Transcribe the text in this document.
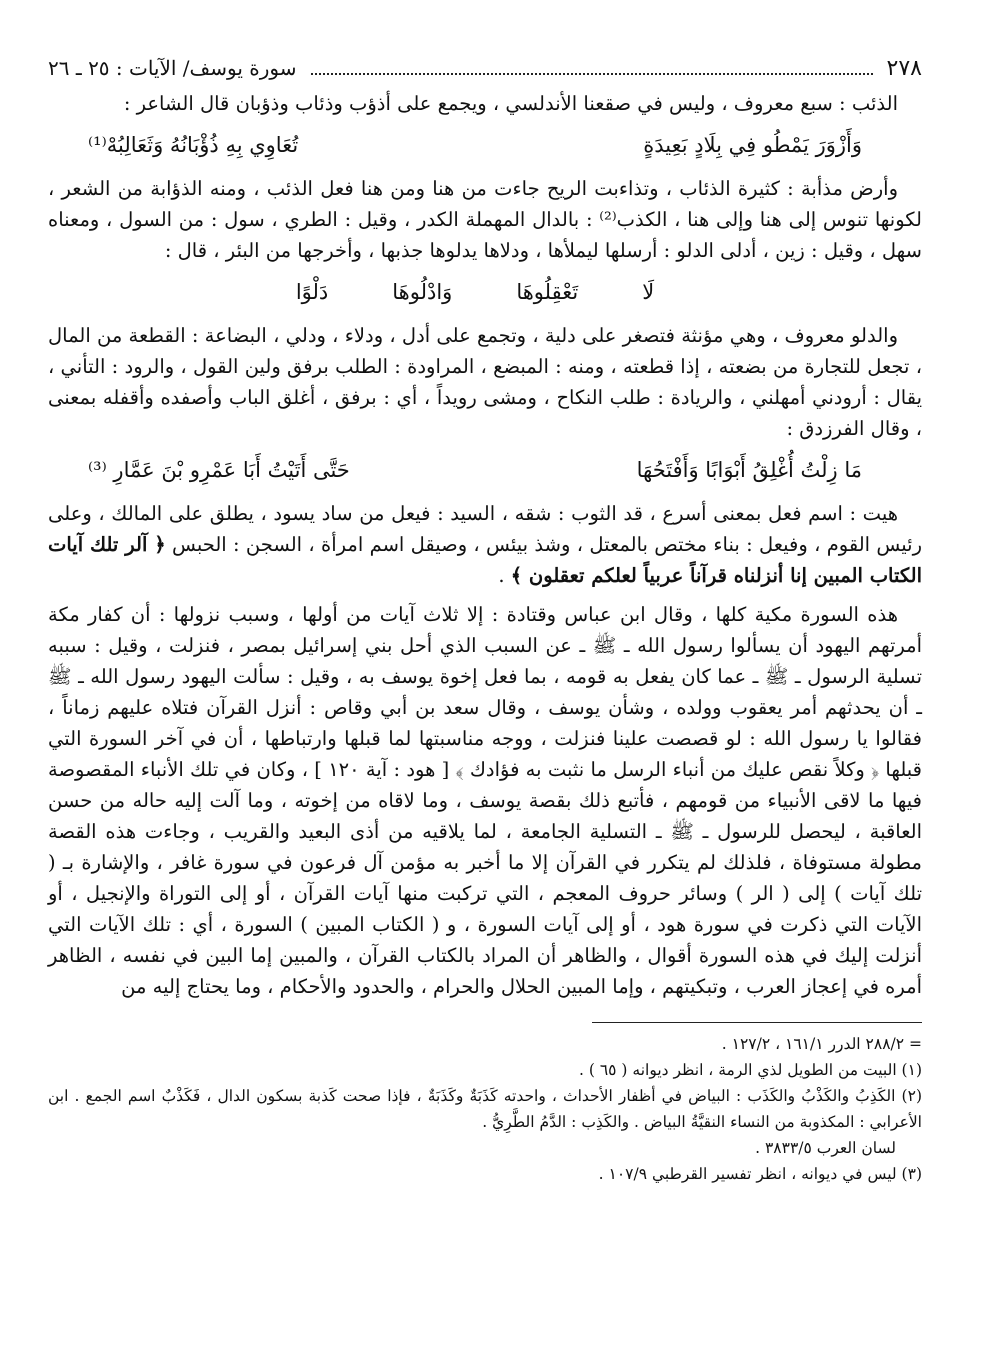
٢٧٨
سورة يوسف/ الآيات : ٢٥ ـ ٢٦

الذئب : سبع معروف ، وليس في صقعنا الأندلسي ، ويجمع على أذؤب وذئاب وذؤبان قال الشاعر :

وَأَزْوَرَ يَمْطُو فِي بِلَادٍ بَعِيدَةٍ
تُعَاوِي بِهِ ذُؤْبَانُهُ وَثَعَالِبُهْ⁽¹⁾

وأرض مذأبة : كثيرة الذئاب ، وتذاءبت الريح جاءت من هنا ومن هنا فعل الذئب ، ومنه الذؤابة من الشعر ، لكونها تنوس إلى هنا وإلى هنا ، الكذب⁽²⁾ : بالدال المهملة الكدر ، وقيل : الطري ، سول : من السول ، ومعناه سهل ، وقيل : زين ، أدلى الدلو : أرسلها ليملأها ، ودلاها يدلوها جذبها ، وأخرجها من البئر ، قال :

لَا
تَعْقِلُوهَا
وَادْلُوهَا
دَلْوًا

والدلو معروف ، وهي مؤنثة فتصغر على دلية ، وتجمع على أدل ، ودلاء ، ودلي ، البضاعة : القطعة من المال ، تجعل للتجارة من بضعته ، إذا قطعته ، ومنه : المبضع ، المراودة : الطلب برفق ولين القول ، والرود : التأني ، يقال : أرودني أمهلني ، والريادة : طلب النكاح ، ومشى رويداً ، أي : برفق ، أغلق الباب وأصفده وأقفله بمعنى ، وقال الفرزدق :

مَا زِلْتُ أُغْلِقُ أَبْوَابًا وَأَفْتَحُهَا
حَتَّى أَتَيْتُ أَبَا عَمْرِو بْنَ عَمَّارِ ⁽³⁾

هيت : اسم فعل بمعنى أسرع ، قد الثوب : شقه ، السيد : فيعل من ساد يسود ، يطلق على المالك ، وعلى رئيس القوم ، وفيعل : بناء مختص بالمعتل ، وشذ بيئس ، وصيقل اسم امرأة ، السجن : الحبس ﴿ آلر تلك آيات الكتاب المبين إنا أنزلناه قرآناً عربياً لعلكم تعقلون ﴾ .

هذه السورة مكية كلها ، وقال ابن عباس وقتادة : إلا ثلاث آيات من أولها ، وسبب نزولها : أن كفار مكة أمرتهم اليهود أن يسألوا رسول الله ـ ﷺ ـ عن السبب الذي أحل بني إسرائيل بمصر ، فنزلت ، وقيل : سببه تسلية الرسول ـ ﷺ ـ عما كان يفعل به قومه ، بما فعل إخوة يوسف به ، وقيل : سألت اليهود رسول الله ـ ﷺ ـ أن يحدثهم أمر يعقوب وولده ، وشأن يوسف ، وقال سعد بن أبي وقاص : أنزل القرآن فتلاه عليهم زماناً ، فقالوا يا رسول الله : لو قصصت علينا فنزلت ، ووجه مناسبتها لما قبلها وارتباطها ، أن في آخر السورة التي قبلها ﴿ وكلاً نقص عليك من أنباء الرسل ما نثبت به فؤادك ﴾ [ هود : آية ١٢٠ ] ، وكان في تلك الأنباء المقصوصة فيها ما لاقى الأنبياء من قومهم ، فأتبع ذلك بقصة يوسف ، وما لاقاه من إخوته ، وما آلت إليه حاله من حسن العاقبة ، ليحصل للرسول ـ ﷺ ـ التسلية الجامعة ، لما يلاقيه من أذى البعيد والقريب ، وجاءت هذه القصة مطولة مستوفاة ، فلذلك لم يتكرر في القرآن إلا ما أخبر به مؤمن آل فرعون في سورة غافر ، والإشارة بـ ( تلك آيات ) إلى ( الر ) وسائر حروف المعجم ، التي تركبت منها آيات القرآن ، أو إلى التوراة والإنجيل ، أو الآيات التي ذكرت في سورة هود ، أو إلى آيات السورة ، و ( الكتاب المبين ) السورة ، أي : تلك الآيات التي أنزلت إليك في هذه السورة أقوال ، والظاهر أن المراد بالكتاب القرآن ، والمبين إما البين في نفسه ، الظاهر أمره في إعجاز العرب ، وتبكيتهم ، وإما المبين الحلال والحرام ، والحدود والأحكام ، وما يحتاج إليه من

= ٢٨٨/٢ الدرر ١٦١/١ ، ١٢٧/٢ .

(١) البيت من الطويل لذي الرمة ، انظر ديوانه ( ٦٥ ) .

(٢) الكَذِبُ والكَذْبُ والكَذَب : البياض في أظفار الأحداث ، واحدته كَذَبَةٌ وكَذَبَةٌ ، فإذا صحت كَذبة بسكون الدال ، فَكَذْبٌ اسم الجمع . ابن الأعرابي : المكذوبة من النساء النقيَّةُ البياض . والكَذِب : الدَّمُ الطَّرِيُّ .

لسان العرب ٣٨٣٣/٥ .

(٣) ليس في ديوانه ، انظر تفسير القرطبي ١٠٧/٩ .
